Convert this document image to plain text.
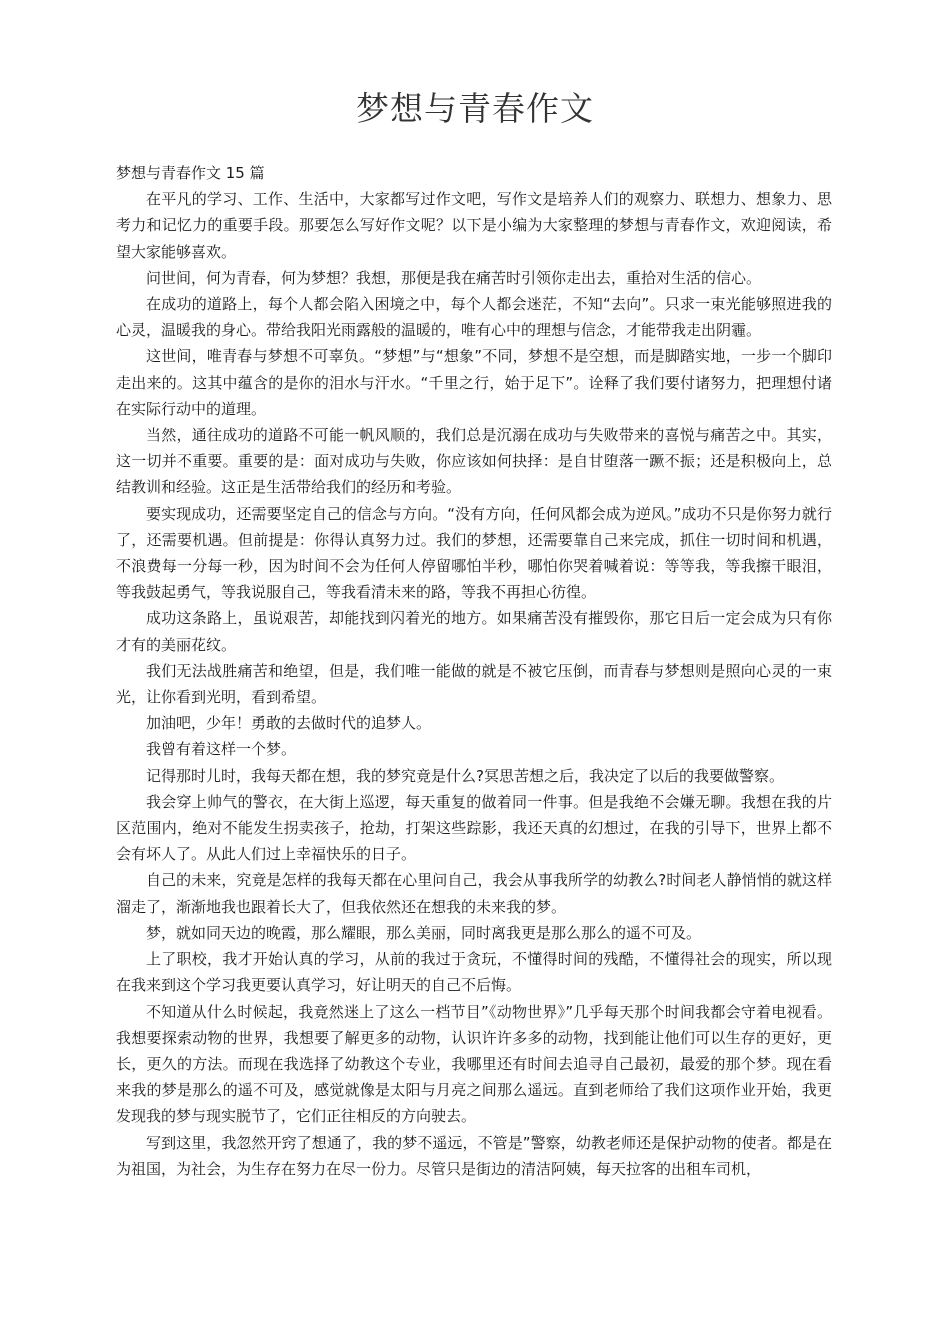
梦想与青春作文

梦想与青春作文 15 篇

在平凡的学习、工作、生活中，大家都写过作文吧，写作文是培养人们的观察力、联想力、想象力、思考力和记忆力的重要手段。那要怎么写好作文呢？以下是小编为大家整理的梦想与青春作文，欢迎阅读，希望大家能够喜欢。

问世间，何为青春，何为梦想？我想，那便是我在痛苦时引领你走出去，重拾对生活的信心。

在成功的道路上，每个人都会陷入困境之中，每个人都会迷茫，不知“去向”。只求一束光能够照进我的心灵，温暖我的身心。带给我阳光雨露般的温暖的，唯有心中的理想与信念，才能带我走出阴霾。

这世间，唯青春与梦想不可辜负。“梦想”与“想象”不同，梦想不是空想，而是脚踏实地，一步一个脚印走出来的。这其中蕴含的是你的泪水与汗水。“千里之行，始于足下”。诠释了我们要付诸努力，把理想付诸在实际行动中的道理。

当然，通往成功的道路不可能一帆风顺的，我们总是沉溺在成功与失败带来的喜悦与痛苦之中。其实，这一切并不重要。重要的是：面对成功与失败，你应该如何抉择：是自甘堕落一蹶不振；还是积极向上，总结教训和经验。这正是生活带给我们的经历和考验。

要实现成功，还需要坚定自己的信念与方向。“没有方向，任何风都会成为逆风。”成功不只是你努力就行了，还需要机遇。但前提是：你得认真努力过。我们的梦想，还需要靠自己来完成，抓住一切时间和机遇，不浪费每一分每一秒，因为时间不会为任何人停留哪怕半秒，哪怕你哭着喊着说：等等我，等我擦干眼泪，等我鼓起勇气，等我说服自己，等我看清未来的路，等我不再担心彷徨。

成功这条路上，虽说艰苦，却能找到闪着光的地方。如果痛苦没有摧毁你，那它日后一定会成为只有你才有的美丽花纹。

我们无法战胜痛苦和绝望，但是，我们唯一能做的就是不被它压倒，而青春与梦想则是照向心灵的一束光，让你看到光明，看到希望。

加油吧，少年！勇敢的去做时代的追梦人。

我曾有着这样一个梦。

记得那时儿时，我每天都在想，我的梦究竟是什么?冥思苦想之后，我决定了以后的我要做警察。

我会穿上帅气的警衣，在大街上巡逻，每天重复的做着同一件事。但是我绝不会嫌无聊。我想在我的片区范围内，绝对不能发生拐卖孩子，抢劫，打架这些踪影，我还天真的幻想过，在我的引导下，世界上都不会有坏人了。从此人们过上幸福快乐的日子。

自己的未来，究竟是怎样的我每天都在心里问自己，我会从事我所学的幼教么?时间老人静悄悄的就这样溜走了，渐渐地我也跟着长大了，但我依然还在想我的未来我的梦。

梦，就如同天边的晚霞，那么耀眼，那么美丽，同时离我更是那么那么的遥不可及。

上了职校，我才开始认真的学习，从前的我过于贪玩，不懂得时间的残酷，不懂得社会的现实，所以现在我来到这个学习我更要认真学习，好让明天的自己不后悔。

不知道从什么时候起，我竟然迷上了这么一档节目”《动物世界》”几乎每天那个时间我都会守着电视看。我想要探索动物的世界，我想要了解更多的动物，认识许许多多的动物，找到能让他们可以生存的更好，更长，更久的方法。而现在我选择了幼教这个专业，我哪里还有时间去追寻自己最初，最爱的那个梦。现在看来我的梦是那么的遥不可及，感觉就像是太阳与月亮之间那么遥远。直到老师给了我们这项作业开始，我更发现我的梦与现实脱节了，它们正往相反的方向驶去。

写到这里，我忽然开窍了想通了，我的梦不遥远，不管是”警察，幼教老师还是保护动物的使者。都是在为祖国，为社会，为生存在努力在尽一份力。尽管只是街边的清洁阿姨，每天拉客的出租车司机，
